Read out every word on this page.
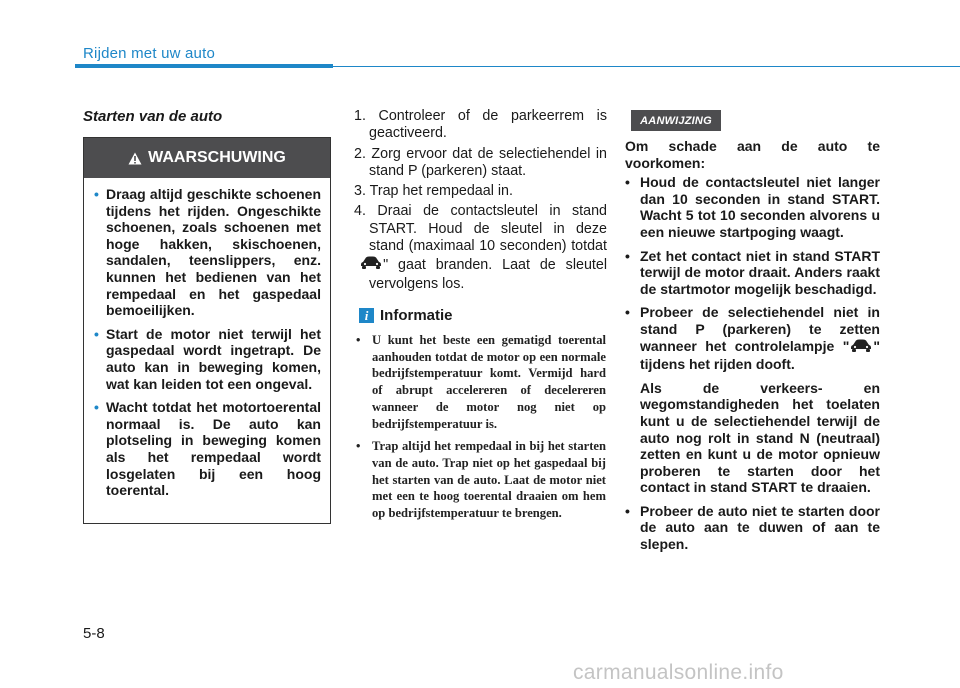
Rijden met uw auto
Starten van de auto
WAARSCHUWING
• Draag altijd geschikte schoenen tijdens het rijden. Ongeschikte schoenen, zoals schoenen met hoge hakken, skischoenen, sandalen, teenslippers, enz. kunnen het bedienen van het rempedaal en het gaspedaal bemoeilijken.
• Start de motor niet terwijl het gaspedaal wordt ingetrapt. De auto kan in beweging komen, wat kan leiden tot een ongeval.
• Wacht totdat het motortoerental normaal is. De auto kan plotseling in beweging komen als het rempedaal wordt losgelaten bij een hoog toerental.
1. Controleer of de parkeerrem is geactiveerd.
2. Zorg ervoor dat de selectiehendel in stand P (parkeren) staat.
3. Trap het rempedaal in.
4. Draai de contactsleutel in stand START. Houd de sleutel in deze stand (maximaal 10 seconden) totdat " gaat branden. Laat de sleutel vervolgens los.
i Informatie
• U kunt het beste een gematigd toerental aanhouden totdat de motor op een normale bedrijfstemperatuur komt. Vermijd hard of abrupt accelereren of decelereren wanneer de motor nog niet op bedrijfstemperatuur is.
• Trap altijd het rempedaal in bij het starten van de auto. Trap niet op het gaspedaal bij het starten van de auto. Laat de motor niet met een te hoog toerental draaien om hem op bedrijfstemperatuur te brengen.
AANWIJZING
Om schade aan de auto te voorkomen:
• Houd de contactsleutel niet langer dan 10 seconden in stand START. Wacht 5 tot 10 seconden alvorens u een nieuwe startpoging waagt.
• Zet het contact niet in stand START terwijl de motor draait. Anders raakt de startmotor mogelijk beschadigd.
• Probeer de selectiehendel niet in stand P (parkeren) te zetten wanneer het controlelampje " " tijdens het rijden dooft.

Als de verkeers- en wegomstandigheden het toelaten kunt u de selectiehendel terwijl de auto nog rolt in stand N (neutraal) zetten en kunt u de motor opnieuw proberen te starten door het contact in stand START te draaien.

• Probeer de auto niet te starten door de auto aan te duwen of aan te slepen.
5-8
carmanualsonline.info
